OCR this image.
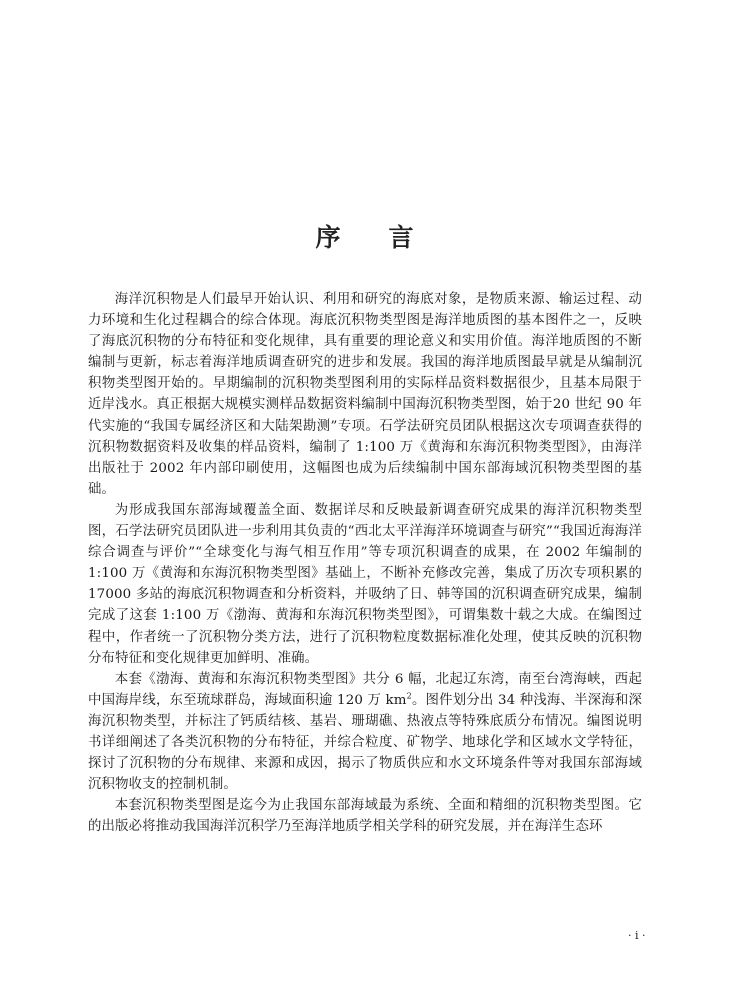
序 言

海洋沉积物是人们最早开始认识、利用和研究的海底对象，是物质来源、输运过程、动力环境和生化过程耦合的综合体现。海底沉积物类型图是海洋地质图的基本图件之一，反映了海底沉积物的分布特征和变化规律，具有重要的理论意义和实用价值。海洋地质图的不断编制与更新，标志着海洋地质调查研究的进步和发展。我国的海洋地质图最早就是从编制沉积物类型图开始的。早期编制的沉积物类型图利用的实际样品资料数据很少，且基本局限于近岸浅水。真正根据大规模实测样品数据资料编制中国海沉积物类型图，始于20 世纪 90 年代实施的“我国专属经济区和大陆架勘测”专项。石学法研究员团队根据这次专项调查获得的沉积物数据资料及收集的样品资料，编制了 1:100 万《黄海和东海沉积物类型图》，由海洋出版社于 2002 年内部印刷使用，这幅图也成为后续编制中国东部海域沉积物类型图的基础。

为形成我国东部海域覆盖全面、数据详尽和反映最新调查研究成果的海洋沉积物类型图，石学法研究员团队进一步利用其负责的“西北太平洋海洋环境调查与研究”“我国近海海洋综合调查与评价”“全球变化与海气相互作用”等专项沉积调查的成果，在 2002 年编制的 1:100 万《黄海和东海沉积物类型图》基础上，不断补充修改完善，集成了历次专项积累的 17000 多站的海底沉积物调查和分析资料，并吸纳了日、韩等国的沉积调查研究成果，编制完成了这套 1:100 万《渤海、黄海和东海沉积物类型图》，可谓集数十载之大成。在编图过程中，作者统一了沉积物分类方法，进行了沉积物粒度数据标准化处理，使其反映的沉积物分布特征和变化规律更加鲜明、准确。

本套《渤海、黄海和东海沉积物类型图》共分 6 幅，北起辽东湾，南至台湾海峡，西起中国海岸线，东至琉球群岛，海域面积逾 120 万 $km^2$。图件划分出 34 种浅海、半深海和深海沉积物类型，并标注了钙质结核、基岩、珊瑚礁、热液点等特殊底质分布情况。编图说明书详细阐述了各类沉积物的分布特征，并综合粒度、矿物学、地球化学和区域水文学特征，探讨了沉积物的分布规律、来源和成因，揭示了物质供应和水文环境条件等对我国东部海域沉积物收支的控制机制。

本套沉积物类型图是迄今为止我国东部海域最为系统、全面和精细的沉积物类型图。它的出版必将推动我国海洋沉积学乃至海洋地质学相关学科的研究发展，并在海洋生态环

· i ·
